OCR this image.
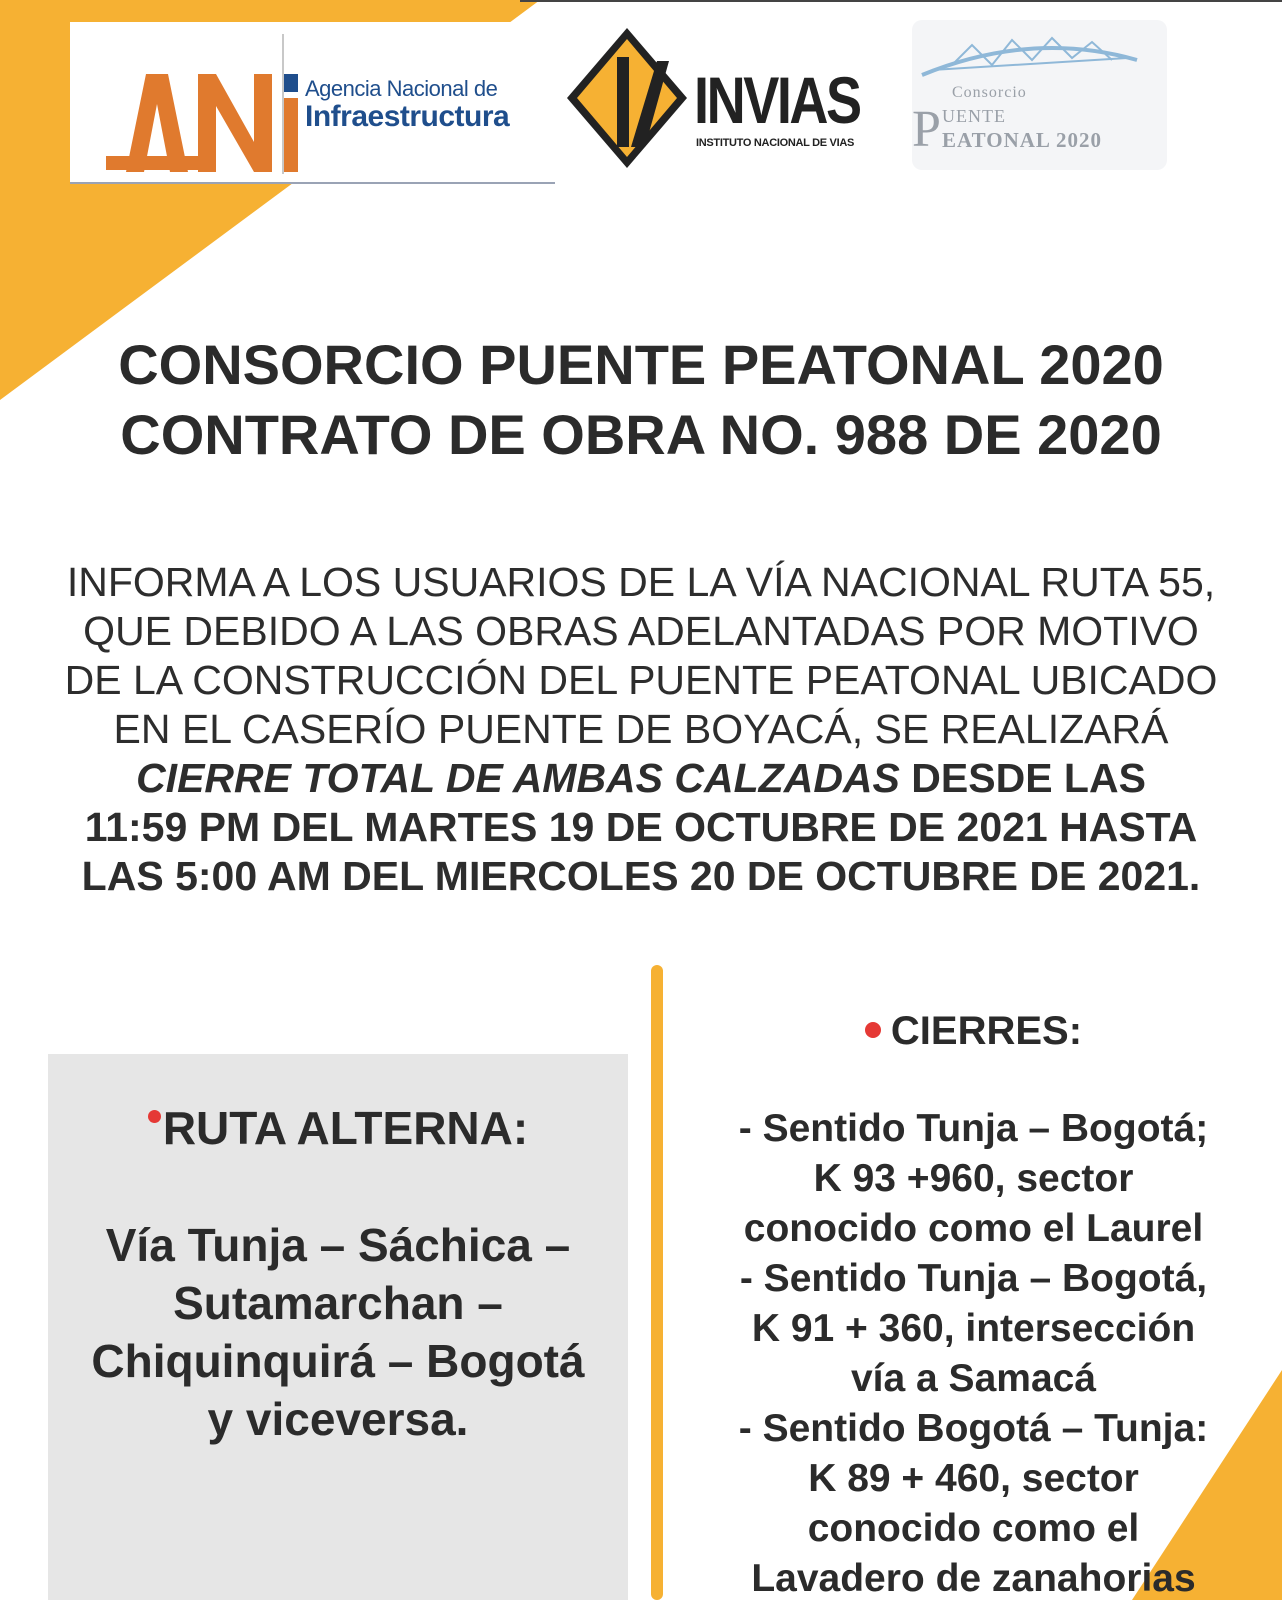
Agencia Nacional de
Infraestructura	INVIAS
INSTITUTO NACIONAL DE VIAS
Consorcio
P UENTE
EATONAL 2020
CONSORCIO PUENTE PEATONAL 2020
CONTRATO DE OBRA NO. 988 DE 2020
INFORMA A LOS USUARIOS DE LA VÍA NACIONAL RUTA 55,
QUE DEBIDO A LAS OBRAS ADELANTADAS POR MOTIVO
DE LA CONSTRUCCIÓN DEL PUENTE PEATONAL UBICADO
EN EL CASERÍO PUENTE DE BOYACÁ, SE REALIZARÁ
CIERRE TOTAL DE AMBAS CALZADAS DESDE LAS
11:59 PM DEL MARTES 19 DE OCTUBRE DE 2021 HASTA
LAS 5:00 AM DEL MIERCOLES 20 DE OCTUBRE DE 2021.
RUTA ALTERNA:
Vía Tunja – Sáchica –
Sutamarchan –
Chiquinquirá – Bogotá
y viceversa.
CIERRES:
- Sentido Tunja – Bogotá;
K 93 +960, sector
conocido como el Laurel
- Sentido Tunja – Bogotá,
K 91 + 360, intersección
vía a Samacá
- Sentido Bogotá – Tunja:
K 89 + 460, sector
conocido como el
Lavadero de zanahorias
